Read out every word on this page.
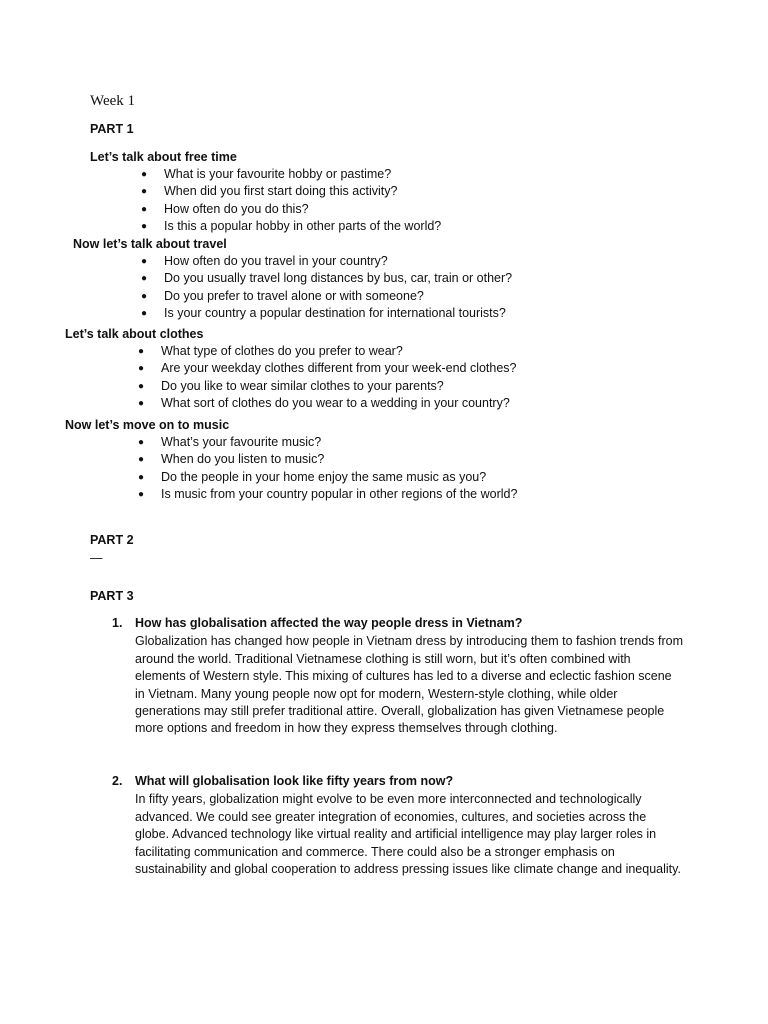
Week 1
PART 1
Let’s talk about free time
● What is your favourite hobby or pastime?
● When did you first start doing this activity?
● How often do you do this?
● Is this a popular hobby in other parts of the world?
Now let’s talk about travel
● How often do you travel in your country?
● Do you usually travel long distances by bus, car, train or other?
● Do you prefer to travel alone or with someone?
● Is your country a popular destination for international tourists?
Let’s talk about clothes
● What type of clothes do you prefer to wear?
● Are your weekday clothes different from your week-end clothes?
● Do you like to wear similar clothes to your parents?
● What sort of clothes do you wear to a wedding in your country?
Now let’s move on to music
● What’s your favourite music?
● When do you listen to music?
● Do the people in your home enjoy the same music as you?
● Is music from your country popular in other regions of the world?
PART 2
—
PART 3
1. How has globalisation affected the way people dress in Vietnam?
Globalization has changed how people in Vietnam dress by introducing them to fashion trends from around the world. Traditional Vietnamese clothing is still worn, but it’s often combined with elements of Western style. This mixing of cultures has led to a diverse and eclectic fashion scene in Vietnam. Many young people now opt for modern, Western-style clothing, while older generations may still prefer traditional attire. Overall, globalization has given Vietnamese people more options and freedom in how they express themselves through clothing.
2. What will globalisation look like fifty years from now?
In fifty years, globalization might evolve to be even more interconnected and technologically advanced. We could see greater integration of economies, cultures, and societies across the globe. Advanced technology like virtual reality and artificial intelligence may play larger roles in facilitating communication and commerce. There could also be a stronger emphasis on sustainability and global cooperation to address pressing issues like climate change and inequality.
